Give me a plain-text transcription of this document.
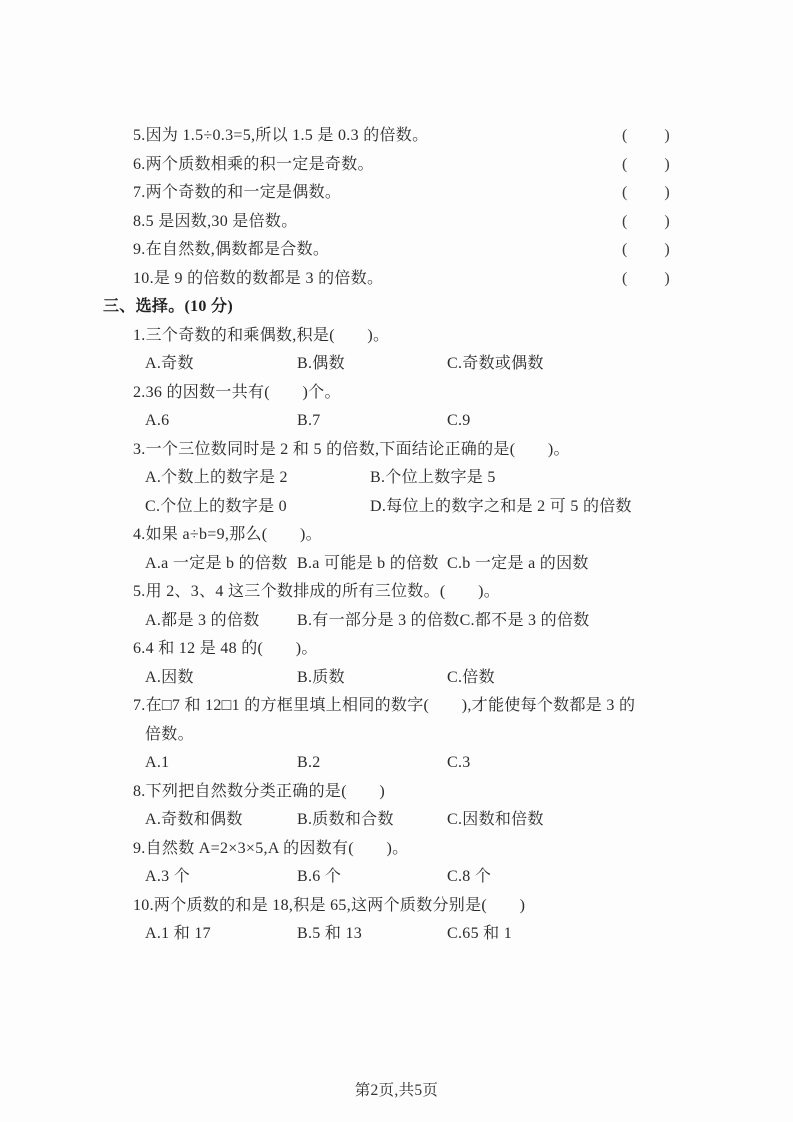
5.因为 1.5÷0.3=5,所以 1.5 是 0.3 的倍数。	( )
6.两个质数相乘的积一定是奇数。	( )
7.两个奇数的和一定是偶数。	( )
8.5 是因数,30 是倍数。	( )
9.在自然数,偶数都是合数。	( )
10.是 9 的倍数的数都是 3 的倍数。	( )
三、选择。(10 分)
1.三个奇数的和乘偶数,积是(　　)。
A.奇数	B.偶数	C.奇数或偶数
2.36 的因数一共有(　　)个。
A.6	B.7	C.9
3.一个三位数同时是 2 和 5 的倍数,下面结论正确的是(　　)。
A.个数上的数字是 2	B.个位上数字是 5
C.个位上的数字是 0	D.每位上的数字之和是 2 可 5 的倍数
4.如果 a÷b=9,那么(　　)。
A.a 一定是 b 的倍数 B.a 可能是 b 的倍数 C.b 一定是 a 的因数
5.用 2、3、4 这三个数排成的所有三位数。(　　)。
A.都是 3 的倍数	B.有一部分是 3 的倍数 C.都不是 3 的倍数
6.4 和 12 是 48 的(　　)。
A.因数	B.质数	C.倍数
7.在□7 和 12□1 的方框里填上相同的数字(　　),才能使每个数都是 3 的
倍数。
A.1	B.2	C.3
8.下列把自然数分类正确的是(　　)
A.奇数和偶数	B.质数和合数	C.因数和倍数
9.自然数 A=2×3×5,A 的因数有(　　)。
A.3 个	B.6 个	C.8 个
10.两个质数的和是 18,积是 65,这两个质数分别是(　　)
A.1 和 17	B.5 和 13	C.65 和 1
第2页,共5页
